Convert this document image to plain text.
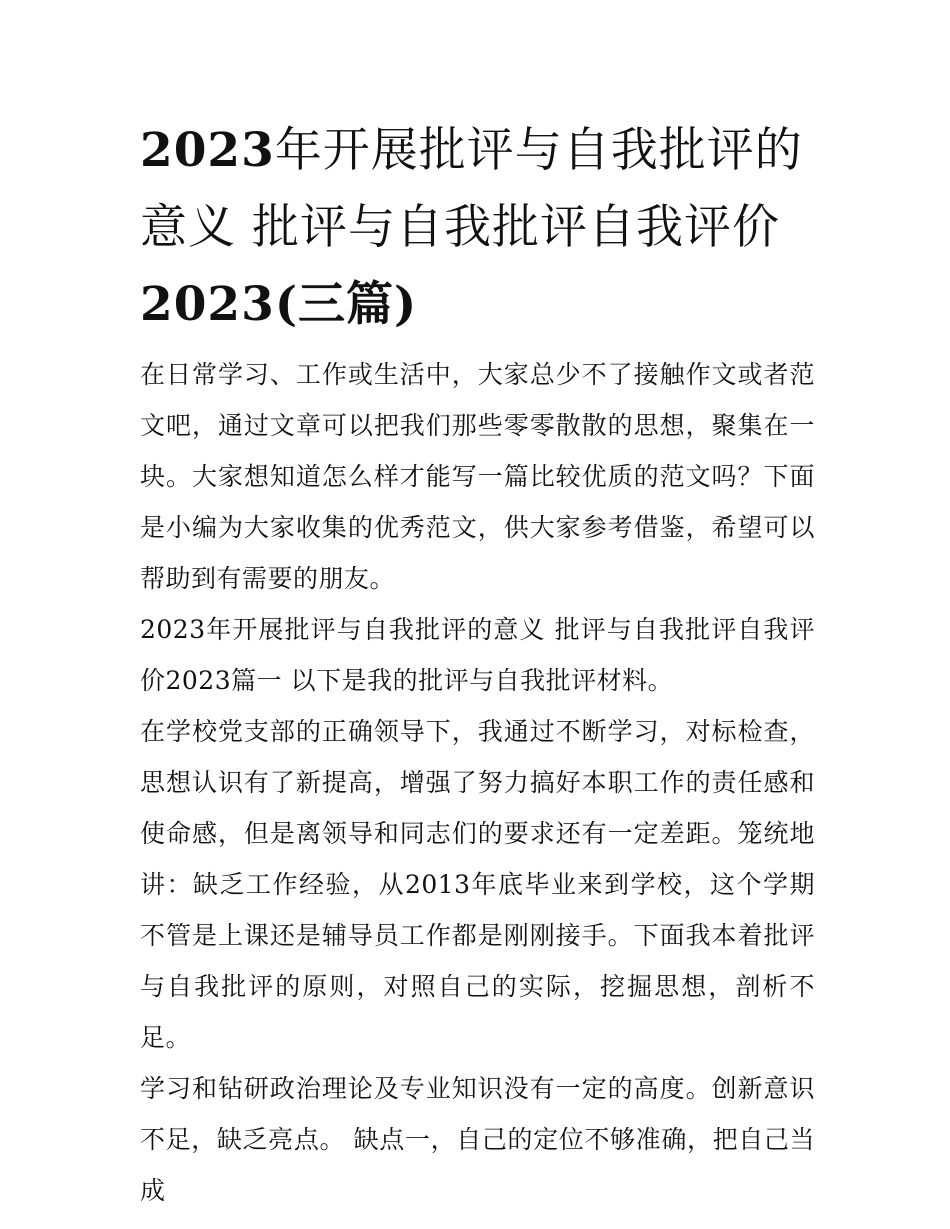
2023年开展批评与自我批评的
意义 批评与自我批评自我评价
2023(三篇)

在日常学习、工作或生活中，大家总少不了接触作文或者范文吧，通过文章可以把我们那些零零散散的思想，聚集在一块。大家想知道怎么样才能写一篇比较优质的范文吗？下面是小编为大家收集的优秀范文，供大家参考借鉴，希望可以帮助到有需要的朋友。

2023年开展批评与自我批评的意义 批评与自我批评自我评价2023篇一 以下是我的批评与自我批评材料。

在学校党支部的正确领导下，我通过不断学习，对标检查，思想认识有了新提高，增强了努力搞好本职工作的责任感和使命感，但是离领导和同志们的要求还有一定差距。笼统地讲：缺乏工作经验，从2013年底毕业来到学校，这个学期不管是上课还是辅导员工作都是刚刚接手。下面我本着批评与自我批评的原则，对照自己的实际，挖掘思想，剖析不足。

学习和钻研政治理论及专业知识没有一定的高度。创新意识不足，缺乏亮点。 缺点一，自己的定位不够准确，把自己当成
